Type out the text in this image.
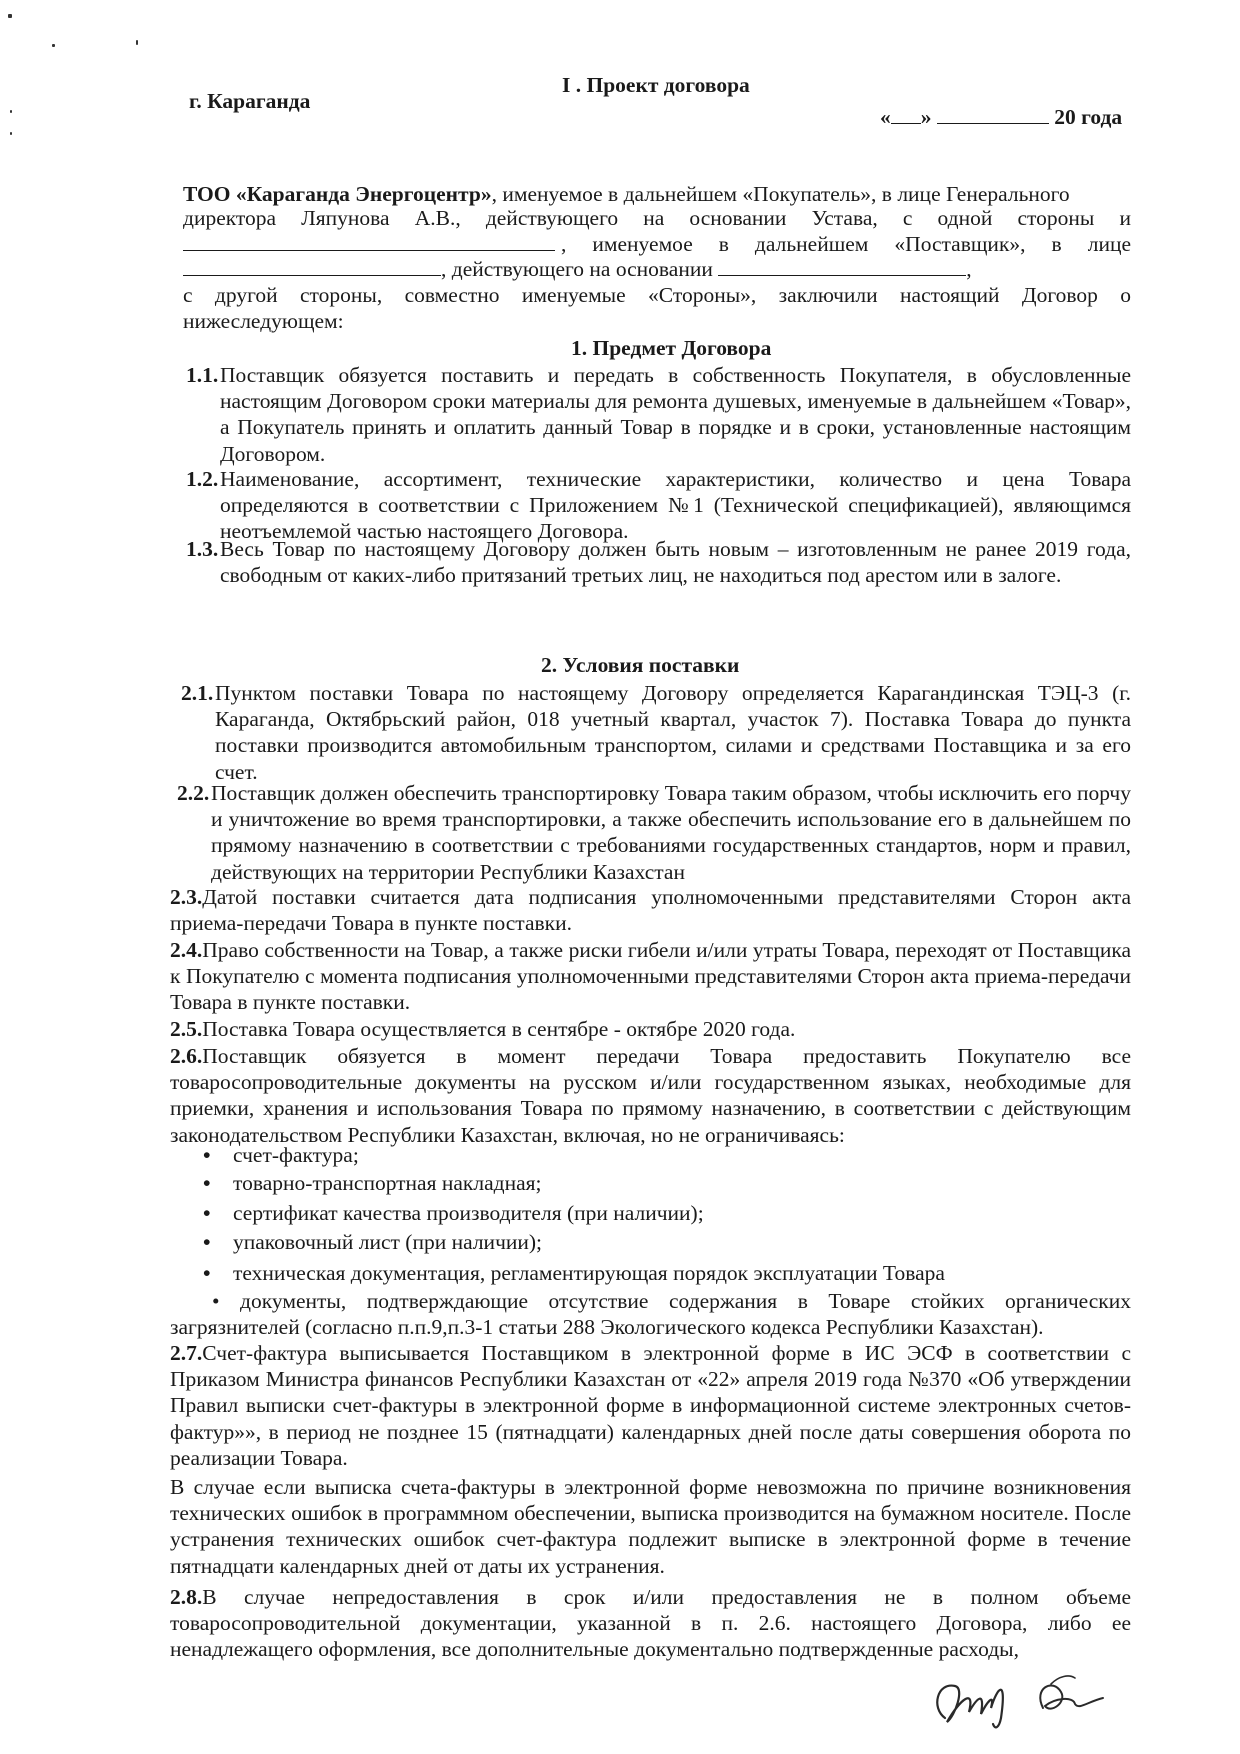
I . Проект договора
г. Караганда
« »	20 года
ТОО «Караганда Энергоцентр», именуемое в дальнейшем «Покупатель», в лице Генерального
директора Ляпунова А.В., действующего на основании Устава, с одной стороны и
, именуемое в дальнейшем «Поставщик», в лице
, действующего на основании	,
с другой стороны, совместно именуемые «Стороны», заключили настоящий Договор о нижеследующем:
1. Предмет Договора
1.1. Поставщик обязуется поставить и передать в собственность Покупателя, в обусловленные настоящим Договором сроки материалы для ремонта душевых, именуемые в дальнейшем «Товар», а Покупатель принять и оплатить данный Товар в порядке и в сроки, установленные настоящим Договором.
1.2. Наименование, ассортимент, технические характеристики, количество и цена Товара определяются в соответствии с Приложением №1 (Технической спецификацией), являющимся неотъемлемой частью настоящего Договора.
1.3. Весь Товар по настоящему Договору должен быть новым – изготовленным не ранее 2019 года, свободным от каких-либо притязаний третьих лиц, не находиться под арестом или в залоге.
2. Условия поставки
2.1. Пунктом поставки Товара по настоящему Договору определяется Карагандинская ТЭЦ-3 (г. Караганда, Октябрьский район, 018 учетный квартал, участок 7). Поставка Товара до пункта поставки производится автомобильным транспортом, силами и средствами Поставщика и за его счет.
2.2. Поставщик должен обеспечить транспортировку Товара таким образом, чтобы исключить его порчу и уничтожение во время транспортировки, а также обеспечить использование его в дальнейшем по прямому назначению в соответствии с требованиями государственных стандартов, норм и правил, действующих на территории Республики Казахстан
2.3.Датой поставки считается дата подписания уполномоченными представителями Сторон акта приема-передачи Товара в пункте поставки.
2.4.Право собственности на Товар, а также риски гибели и/или утраты Товара, переходят от Поставщика к Покупателю с момента подписания уполномоченными представителями Сторон акта приема-передачи Товара в пункте поставки.
2.5.Поставка Товара осуществляется в сентябре - октябре 2020 года.
2.6.Поставщик обязуется в момент передачи Товара предоставить Покупателю все товаросопроводительные документы на русском и/или государственном языках, необходимые для приемки, хранения и использования Товара по прямому назначению, в соответствии с действующим законодательством Республики Казахстан, включая, но не ограничиваясь:
• счет-фактура;
• товарно-транспортная накладная;
• сертификат качества производителя (при наличии);
• упаковочный лист (при наличии);
• техническая документация, регламентирующая порядок эксплуатации Товара
• документы, подтверждающие отсутствие содержания в Товаре стойких органических загрязнителей (согласно п.п.9,п.3-1 статьи 288 Экологического кодекса Республики Казахстан).
2.7.Счет-фактура выписывается Поставщиком в электронной форме в ИС ЭСФ в соответствии с Приказом Министра финансов Республики Казахстан от «22» апреля 2019 года №370 «Об утверждении Правил выписки счет-фактуры в электронной форме в информационной системе электронных счетов-фактур»», в период не позднее 15 (пятнадцати) календарных дней после даты совершения оборота по реализации Товара.
В случае если выписка счета-фактуры в электронной форме невозможна по причине возникновения технических ошибок в программном обеспечении, выписка производится на бумажном носителе. После устранения технических ошибок счет-фактура подлежит выписке в электронной форме в течение пятнадцати календарных дней от даты их устранения.
2.8.В случае непредоставления в срок и/или предоставления не в полном объеме товаросопроводительной документации, указанной в п. 2.6. настоящего Договора, либо ее ненадлежащего оформления, все дополнительные документально подтвержденные расходы,
